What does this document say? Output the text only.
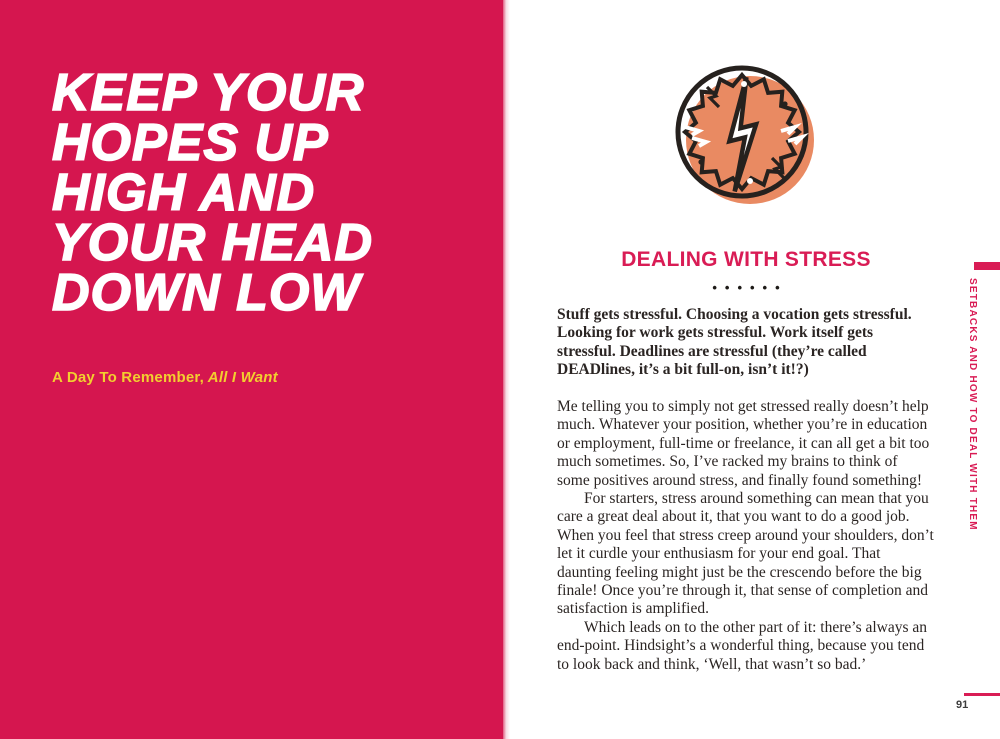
KEEP YOUR
HOPES UP
HIGH AND
YOUR HEAD
DOWN LOW
A Day To Remember, All I Want
DEALING WITH STRESS
••••••

Stuff gets stressful. Choosing a vocation gets stressful. Looking for work gets stressful. Work itself gets stressful. Deadlines are stressful (they’re called DEADlines, it’s a bit full-on, isn’t it!?)

Me telling you to simply not get stressed really doesn’t help much. Whatever your position, whether you’re in education or employment, full-time or freelance, it can all get a bit too much sometimes. So, I’ve racked my brains to think of some positives around stress, and finally found something!

For starters, stress around something can mean that you care a great deal about it, that you want to do a good job. When you feel that stress creep around your shoulders, don’t let it curdle your enthusiasm for your end goal. That daunting feeling might just be the crescendo before the big finale! Once you’re through it, that sense of completion and satisfaction is amplified.

Which leads on to the other part of it: there’s always an end-point. Hindsight’s a wonderful thing, because you tend to look back and think, ‘Well, that wasn’t so bad.’

SETBACKS AND HOW TO DEAL WITH THEM
91
